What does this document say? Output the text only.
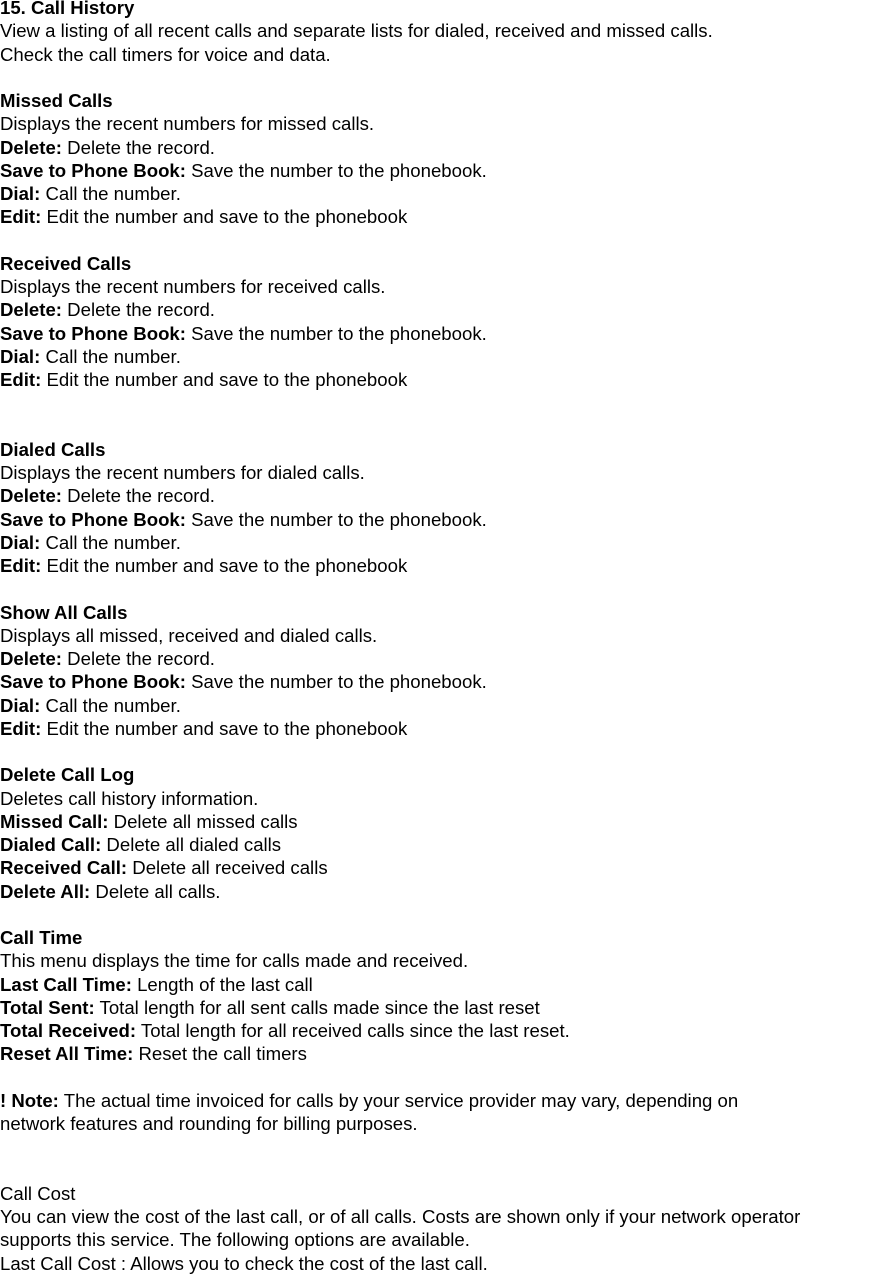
15. Call History
View a listing of all recent calls and separate lists for dialed, received and missed calls.
Check the call timers for voice and data.
Missed Calls
Displays the recent numbers for missed calls.
Delete: Delete the record.
Save to Phone Book: Save the number to the phonebook.
Dial: Call the number.
Edit: Edit the number and save to the phonebook
Received Calls
Displays the recent numbers for received calls.
Delete: Delete the record.
Save to Phone Book: Save the number to the phonebook.
Dial: Call the number.
Edit: Edit the number and save to the phonebook
Dialed Calls
Displays the recent numbers for dialed calls.
Delete: Delete the record.
Save to Phone Book: Save the number to the phonebook.
Dial: Call the number.
Edit: Edit the number and save to the phonebook
Show All Calls
Displays all missed, received and dialed calls.
Delete: Delete the record.
Save to Phone Book: Save the number to the phonebook.
Dial: Call the number.
Edit: Edit the number and save to the phonebook
Delete Call Log
Deletes call history information.
Missed Call: Delete all missed calls
Dialed Call: Delete all dialed calls
Received Call: Delete all received calls
Delete All: Delete all calls.
Call Time
This menu displays the time for calls made and received.
Last Call Time: Length of the last call
Total Sent: Total length for all sent calls made since the last reset
Total Received: Total length for all received calls since the last reset.
Reset All Time: Reset the call timers
! Note: The actual time invoiced for calls by your service provider may vary, depending on
network features and rounding for billing purposes.
Call Cost
You can view the cost of the last call, or of all calls. Costs are shown only if your network operator
supports this service. The following options are available.
Last Call Cost : Allows you to check the cost of the last call.
